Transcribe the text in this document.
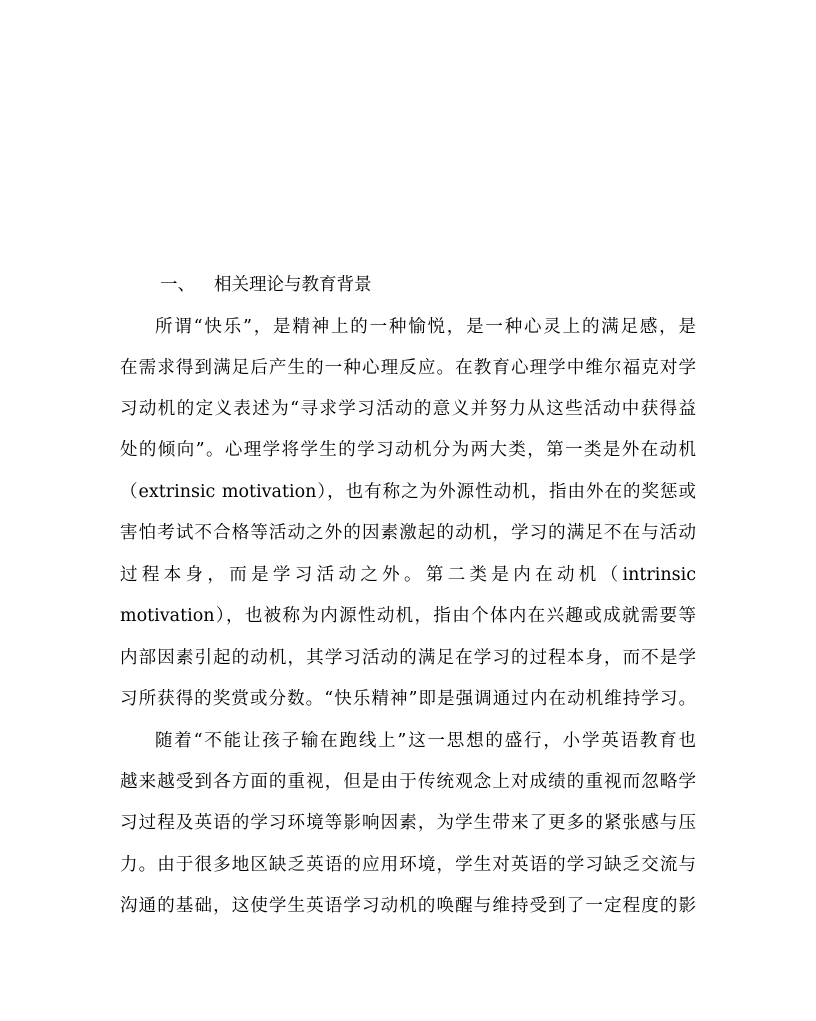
一、 相关理论与教育背景
所谓“快乐”，是精神上的一种愉悦，是一种心灵上的满足感，是
在需求得到满足后产生的一种心理反应。在教育心理学中维尔福克对学
习动机的定义表述为“寻求学习活动的意义并努力从这些活动中获得益
处的倾向”。心理学将学生的学习动机分为两大类，第一类是外在动机
（extrinsic motivation），也有称之为外源性动机，指由外在的奖惩或
害怕考试不合格等活动之外的因素激起的动机，学习的满足不在与活动
过程本身，而是学习活动之外。第二类是内在动机（intrinsic
motivation），也被称为内源性动机，指由个体内在兴趣或成就需要等
内部因素引起的动机，其学习活动的满足在学习的过程本身，而不是学
习所获得的奖赏或分数。“快乐精神”即是强调通过内在动机维持学习。
随着“不能让孩子输在跑线上”这一思想的盛行，小学英语教育也
越来越受到各方面的重视，但是由于传统观念上对成绩的重视而忽略学
习过程及英语的学习环境等影响因素，为学生带来了更多的紧张感与压
力。由于很多地区缺乏英语的应用环境，学生对英语的学习缺乏交流与
沟通的基础，这使学生英语学习动机的唤醒与维持受到了一定程度的影
